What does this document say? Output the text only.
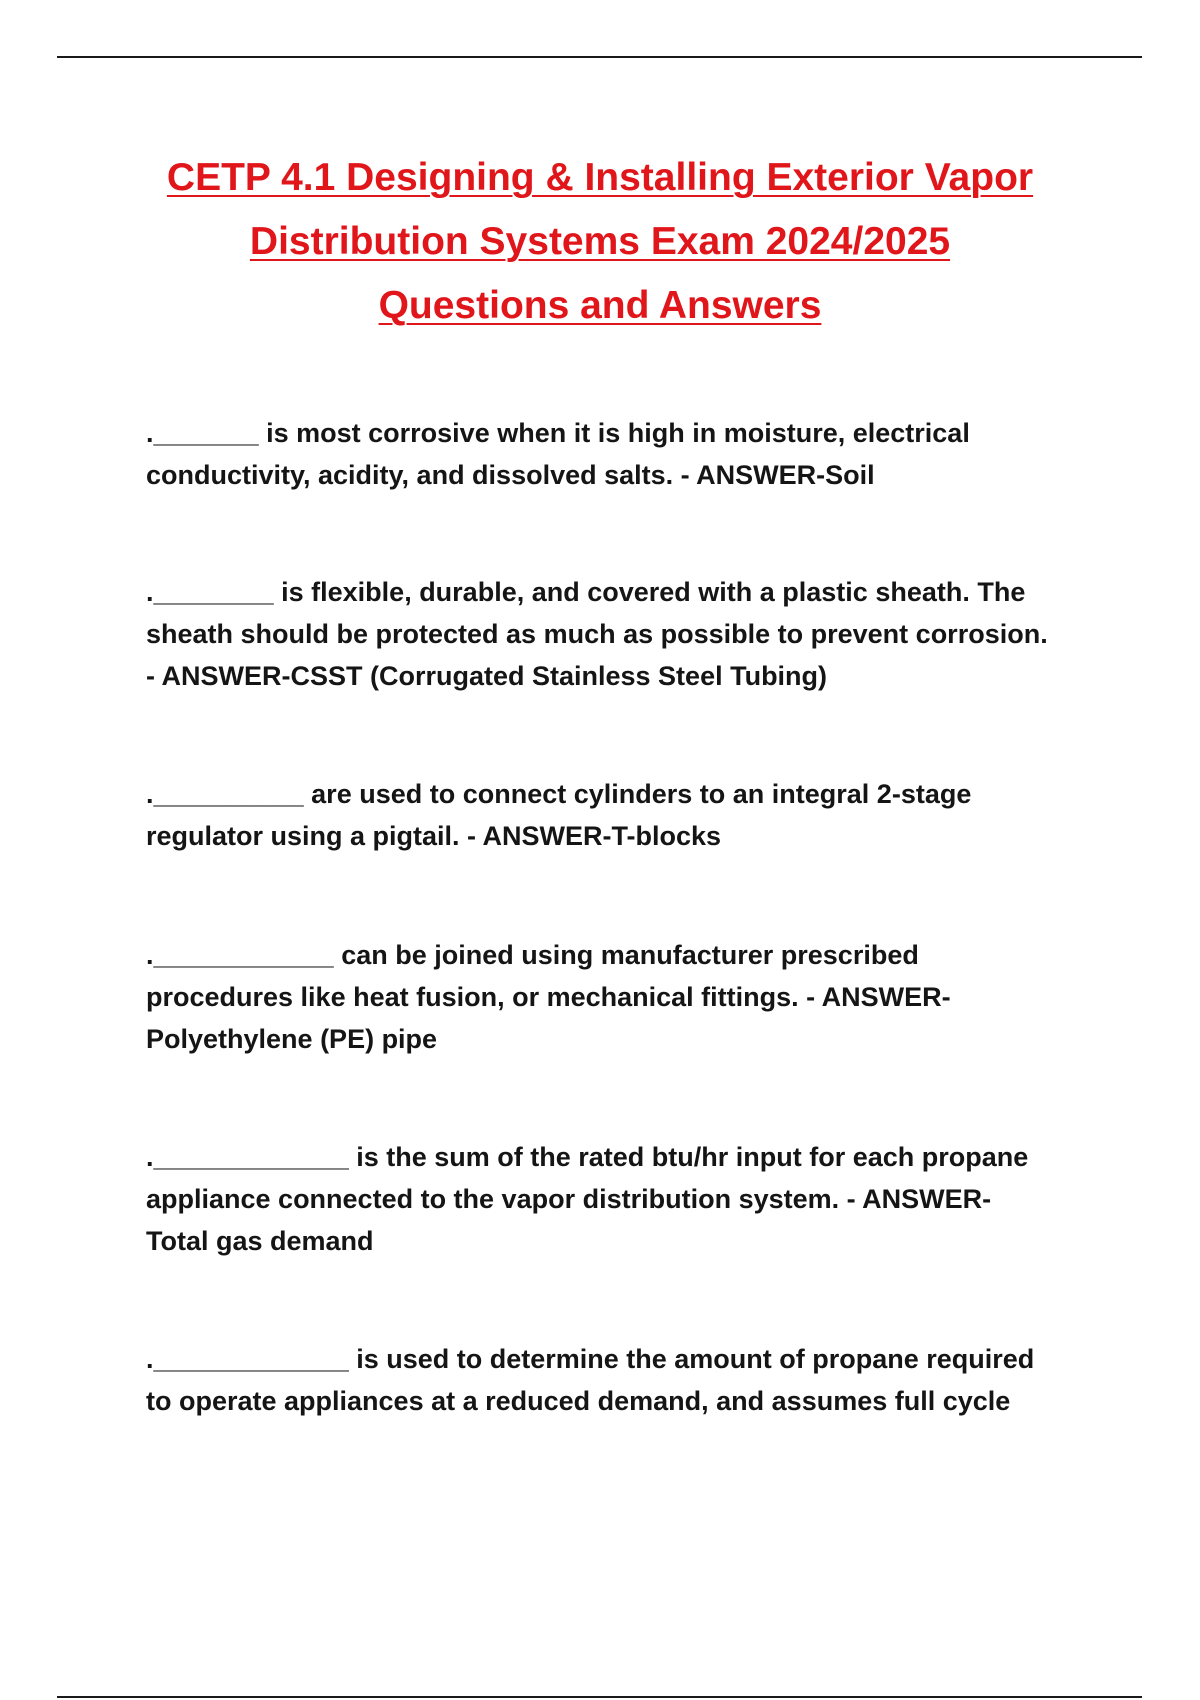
CETP 4.1 Designing & Installing Exterior Vapor
Distribution Systems Exam 2024/2025
Questions and Answers

._______ is most corrosive when it is high in moisture, electrical
conductivity, acidity, and dissolved salts. - ANSWER-Soil

.________ is flexible, durable, and covered with a plastic sheath. The
sheath should be protected as much as possible to prevent corrosion.
- ANSWER-CSST (Corrugated Stainless Steel Tubing)

.__________ are used to connect cylinders to an integral 2-stage
regulator using a pigtail. - ANSWER-T-blocks

.____________ can be joined using manufacturer prescribed
procedures like heat fusion, or mechanical fittings. - ANSWER-
Polyethylene (PE) pipe

._____________ is the sum of the rated btu/hr input for each propane
appliance connected to the vapor distribution system. - ANSWER-
Total gas demand

._____________ is used to determine the amount of propane required
to operate appliances at a reduced demand, and assumes full cycle
